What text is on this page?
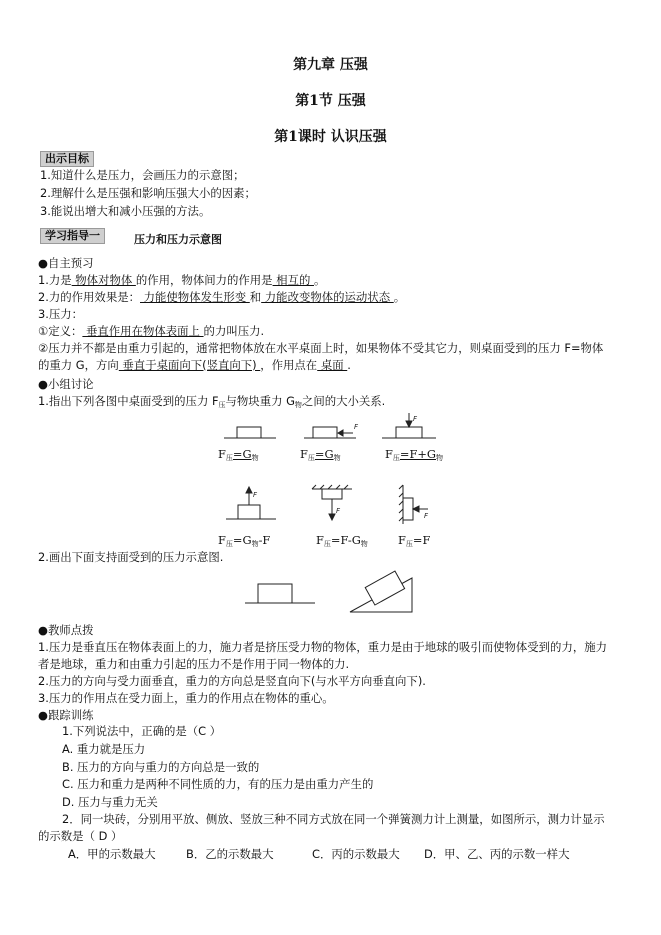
第九章 压强
第1节 压强
第1课时 认识压强
出示目标
1.知道什么是压力，会画压力的示意图；
2.理解什么是压强和影响压强大小的因素；
3.能说出增大和减小压强的方法。
学习指导一	压力和压力示意图
●自主预习
1.力是 物体对物体 的作用，物体间力的作用是 相互的 。
2.力的作用效果是： 力能使物体发生形变 和 力能改变物体的运动状态 。
3.压力：
①定义： 垂直作用在物体表面上 的力叫压力.
②压力并不都是由重力引起的，通常把物体放在水平桌面上时，如果物体不受其它力，则桌面受到的压力 F=物体
的重力 G，方向 垂直于桌面向下(竖直向下) ，作用点在 桌面 .
●小组讨论
1.指出下列各图中桌面受到的压力 $F_压$与物块重力 $G_物$之间的大小关系.
F
F
F
F
F
$F_压=G_物$	$F_压=G_物$	$F_压=F+G_物$
$F_压=G_物-F$	$F_压=F-G_物$	$F_压=F$
2.画出下面支持面受到的压力示意图.
●教师点拨
1.压力是垂直压在物体表面上的力，施力者是挤压受力物的物体，重力是由于地球的吸引而使物体受到的力，施力
者是地球，重力和由重力引起的压力不是作用于同一物体的力.
2.压力的方向与受力面垂直，重力的方向总是竖直向下(与水平方向垂直向下).
3.压力的作用点在受力面上，重力的作用点在物体的重心。
●跟踪训练
1.下列说法中，正确的是（C ）
A. 重力就是压力
B. 压力的方向与重力的方向总是一致的
C. 压力和重力是两种不同性质的力，有的压力是由重力产生的
D. 压力与重力无关
2．同一块砖，分别用平放、侧放、竖放三种不同方式放在同一个弹簧测力计上测量，如图所示，测力计显示
的示数是（ D ）
A．甲的示数最大	B．乙的示数最大	C．丙的示数最大 D．甲、乙、丙的示数一样大
